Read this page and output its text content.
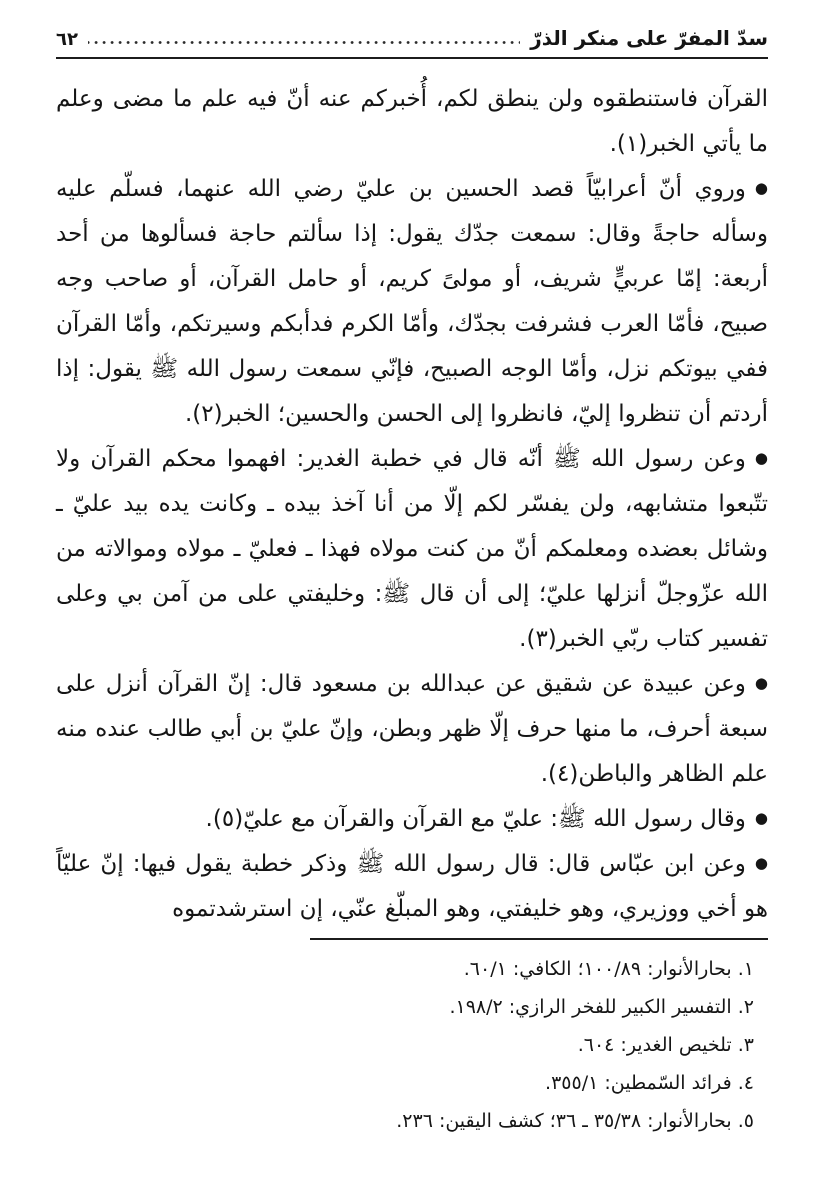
سدّ المفرّ على منكر الذرّ
٦٢

القرآن فاستنطقوه ولن ينطق لكم، أُخبركم عنه أنّ فيه علم ما مضى وعلم ما يأتي الخبر(١).

●وروي أنّ أعرابيّاً قصد الحسين بن عليّ رضي الله عنهما، فسلّم عليه وسأله حاجةً وقال: سمعت جدّك يقول: إذا سألتم حاجة فسألوها من أحد أربعة: إمّا عربيٍّ شريف، أو مولىً كريم، أو حامل القرآن، أو صاحب وجه صبيح، فأمّا العرب فشرفت بجدّك، وأمّا الكرم فدأبكم وسيرتكم، وأمّا القرآن ففي بيوتكم نزل، وأمّا الوجه الصبيح، فإنّي سمعت رسول الله ﷺ يقول: إذا أردتم أن تنظروا إليّ، فانظروا إلى الحسن والحسين؛ الخبر(٢).

●وعن رسول الله ﷺ أنّه قال في خطبة الغدير: افهموا محكم القرآن ولا تتّبعوا متشابهه، ولن يفسّر لكم إلّا من أنا آخذ بيده ـ وكانت يده بيد عليّ ـ وشائل بعضده ومعلمكم أنّ من كنت مولاه فهذا ـ فعليّ ـ مولاه وموالاته من الله عزّوجلّ أنزلها عليّ؛ إلى أن قال ﷺ: وخليفتي على من آمن بي وعلى تفسير كتاب ربّي الخبر(٣).

●وعن عبيدة عن شقيق عن عبدالله بن مسعود قال: إنّ القرآن أنزل على سبعة أحرف، ما منها حرف إلّا ظهر وبطن، وإنّ عليّ بن أبي طالب عنده منه علم الظاهر والباطن(٤).

●وقال رسول الله ﷺ: عليّ مع القرآن والقرآن مع عليّ(٥).

●وعن ابن عبّاس قال: قال رسول الله ﷺ وذكر خطبة يقول فيها: إنّ عليّاً هو أخي ووزيري، وهو خليفتي، وهو المبلّغ عنّي، إن استرشدتموه

١. بحارالأنوار: ١٠٠/٨٩؛ الكافي: ٦٠/١.
٢. التفسير الكبير للفخر الرازي: ١٩٨/٢.
٣. تلخيص الغدير: ٦٠٤.
٤. فرائد السّمطين: ٣٥٥/١.
٥. بحارالأنوار: ٣٥/٣٨ ـ ٣٦؛ كشف اليقين: ٢٣٦.
